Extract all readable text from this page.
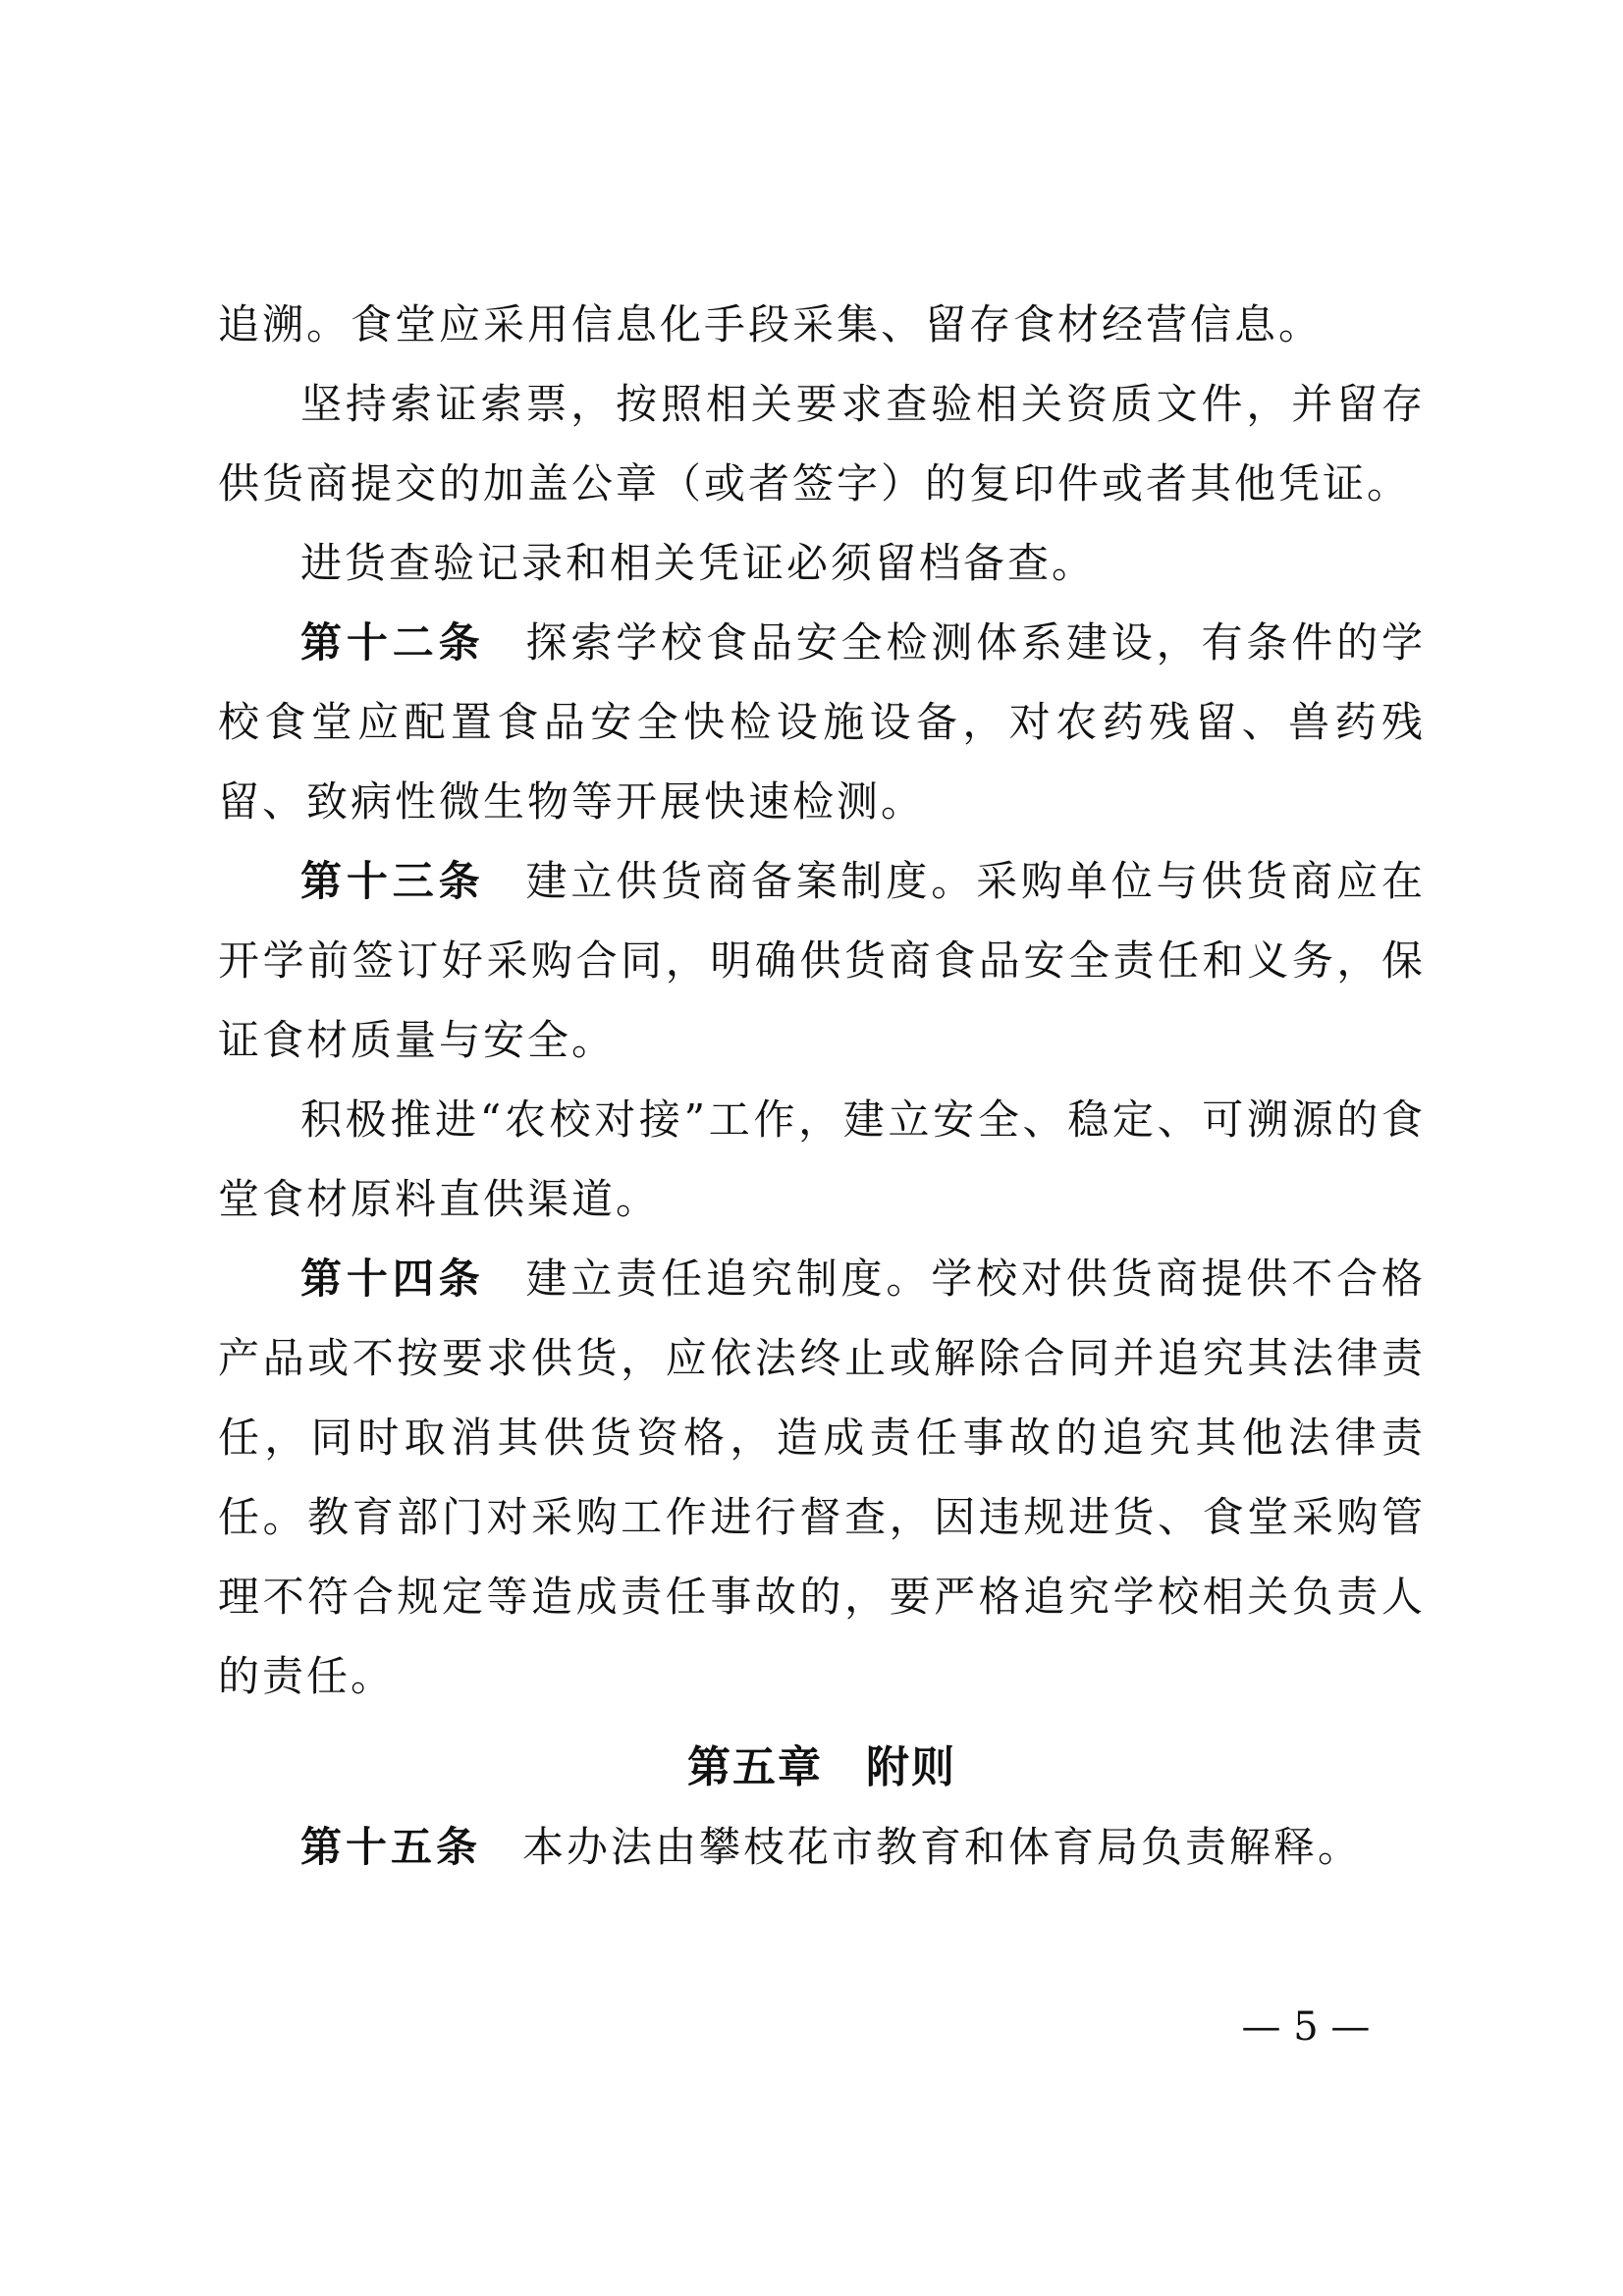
追溯。食堂应采用信息化手段采集、留存食材经营信息。

坚持索证索票，按照相关要求查验相关资质文件，并留存供货商提交的加盖公章（或者签字）的复印件或者其他凭证。

进货查验记录和相关凭证必须留档备查。

第十二条 探索学校食品安全检测体系建设，有条件的学校食堂应配置食品安全快检设施设备，对农药残留、兽药残留、致病性微生物等开展快速检测。

第十三条 建立供货商备案制度。采购单位与供货商应在开学前签订好采购合同，明确供货商食品安全责任和义务，保证食材质量与安全。

积极推进“农校对接”工作，建立安全、稳定、可溯源的食堂食材原料直供渠道。

第十四条 建立责任追究制度。学校对供货商提供不合格产品或不按要求供货，应依法终止或解除合同并追究其法律责任，同时取消其供货资格，造成责任事故的追究其他法律责任。教育部门对采购工作进行督查，因违规进货、食堂采购管理不符合规定等造成责任事故的，要严格追究学校相关负责人的责任。

第五章 附则

第十五条 本办法由攀枝花市教育和体育局负责解释。

— 5 —
